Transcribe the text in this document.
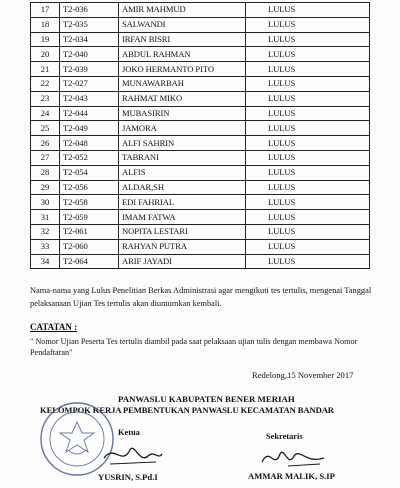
17	T2-036	AMIR MAHMUD	LULUS
18	T2-035	SALWANDI	LULUS
19	T2-034	IRFAN BISRI	LULUS
20	T2-040	ABDUL RAHMAN	LULUS
21	T2-039	JOKO HERMANTO PITO	LULUS
22	T2-027	MUNAWARBAH	LULUS
23	T2-043	RAHMAT MIKO	LULUS
24	T2-044	MUBASIRIN	LULUS
25	T2-049	JAMORA	LULUS
26	T2-048	ALFI SAHRIN	LULUS
27	T2-052	TABRANI	LULUS
28	T2-054	ALFIS	LULUS
29	T2-056	ALDAR,SH	LULUS
30	T2-058	EDI FAHRIAL	LULUS
31	T2-059	IMAM FATWA	LULUS
32	T2-061	NOPITA LESTARI	LULUS
33	T2-060	RAHYAN PUTRA	LULUS
34	T2-064	ARIF JAYADI	LULUS
Nama-nama yang Lulus Penelitian Berkas Administrasi agar mengikuti tes tertulis, mengenai Tanggal pelaksanaan Ujian Tes tertulis akan diumumkan kembali.
CATATAN :
" Nomor Ujian Peserta Tes tertulis diambil pada saat pelaksaan ujian tulis dengan membawa Nomor Pendaftaran"
Redelong,15 November 2017
PANWASLU KABUPATEN BENER MERIAH
KELOMPOK KERJA PEMBENTUKAN PANWASLU KECAMATAN BANDAR
Ketua	Sekretaris
YUSRIN, S.Pd.I	AMMAR MALIK, S.IP
